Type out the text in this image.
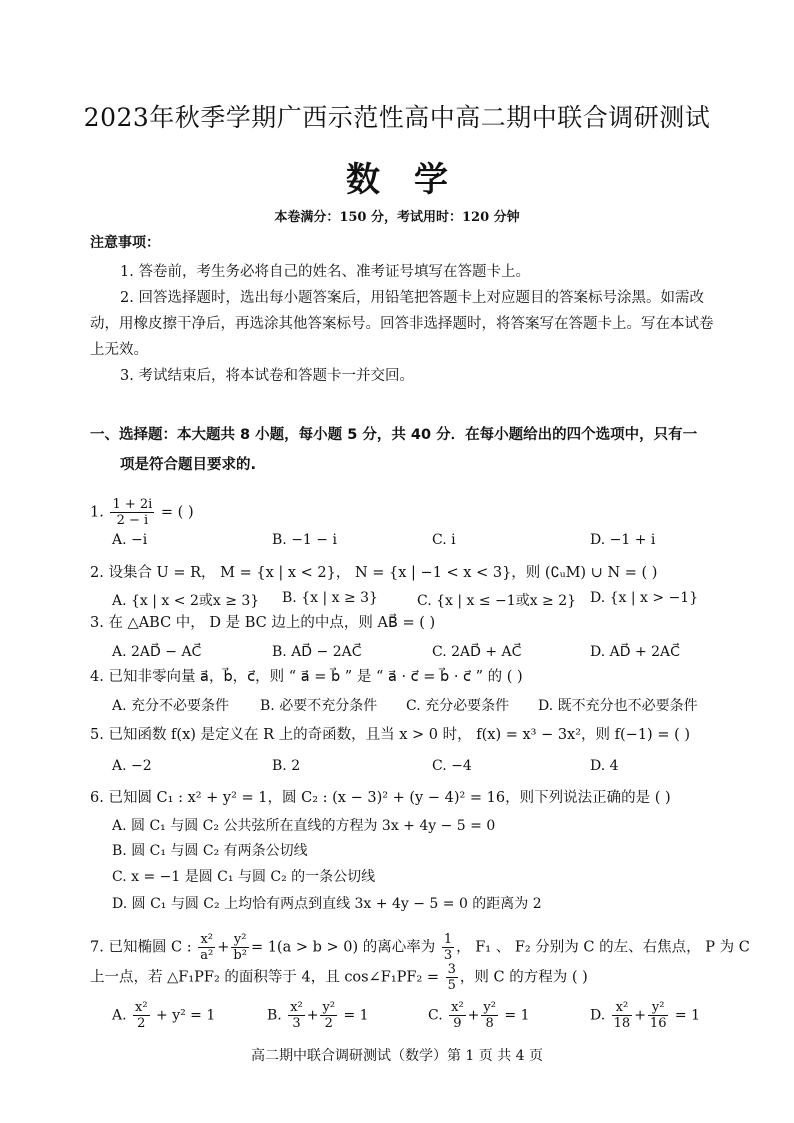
2023年秋季学期广西示范性高中高二期中联合调研测试
数学
本卷满分：150 分，考试用时：120 分钟
注意事项：

1. 答卷前，考生务必将自己的姓名、准考证号填写在答题卡上。

2. 回答选择题时，选出每小题答案后，用铅笔把答题卡上对应题目的答案标号涂黑。如需改动，用橡皮擦干净后，再选涂其他答案标号。回答非选择题时，将答案写在答题卡上。写在本试卷上无效。

3. 考试结束后，将本试卷和答题卡一并交回。

一、选择题：本大题共 8 小题，每小题 5 分，共 40 分．在每小题给出的四个选项中，只有一
项是符合题目要求的.
1. $\frac{1 + 2i}{2 - i}$ = ( )
A. −i	B. −1 − i	C. i	D. −1 + i
2. 设集合 U = R， M = {x | x < 2}， N = {x | −1 < x < 3}，则 (∁ᵤM) ∪ N = ( )
A. {x | x < 2或x ≥ 3} B. {x | x ≥ 3}	C. {x | x ≤ −1或x ≥ 2} D. {x | x > −1}
3. 在 △ABC 中， D 是 BC 边上的中点，则 AB⃗ = ( )
A. 2AD⃗ − AC⃗	B. AD⃗ − 2AC⃗	C. 2AD⃗ + AC⃗	D. AD⃗ + 2AC⃗
4. 已知非零向量 a⃗，b⃗，c⃗，则 “ a⃗ = b⃗ ” 是 “ a⃗ · c⃗ = b⃗ · c⃗ ” 的 ( )
A. 充分不必要条件 B. 必要不充分条件 C. 充分必要条件 D. 既不充分也不必要条件
5. 已知函数 f(x) 是定义在 R 上的奇函数，且当 x > 0 时， f(x) = x³ − 3x²，则 f(−1) = ( )
A. −2	B. 2	C. −4	D. 4
6. 已知圆 C₁ : x² + y² = 1，圆 C₂ : (x − 3)² + (y − 4)² = 16，则下列说法正确的是 ( )
A. 圆 C₁ 与圆 C₂ 公共弦所在直线的方程为 3x + 4y − 5 = 0
B. 圆 C₁ 与圆 C₂ 有两条公切线
C. x = −1 是圆 C₁ 与圆 C₂ 的一条公切线
D. 圆 C₁ 与圆 C₂ 上均恰有两点到直线 3x + 4y − 5 = 0 的距离为 2
7. 已知椭圆 C : $\frac{\text{x²}}{\text{a²}} + \frac{\text{y²}}{\text{b²}} = 1(a > b > 0)$ 的离心率为 $\frac{1}{3}$ ， F₁ 、 F₂ 分别为 C 的左、右焦点， P 为 C
上一点，若 △F₁PF₂ 的面积等于 4，且 cos∠F₁PF₂ = $\frac{3}{5}$ ，则 C 的方程为 ( )
A. $\frac{\text{x²}}{2} + y^2 = 1$	B. $\frac{\text{x²}}{3} + \frac{\text{y²}}{2} = 1$	C. $\frac{\text{x²}}{9} + \frac{\text{y²}}{8} = 1$	D. $\frac{\text{x²}}{18} + \frac{\text{y²}}{16} = 1$
高二期中联合调研测试（数学）第 1 页 共 4 页
